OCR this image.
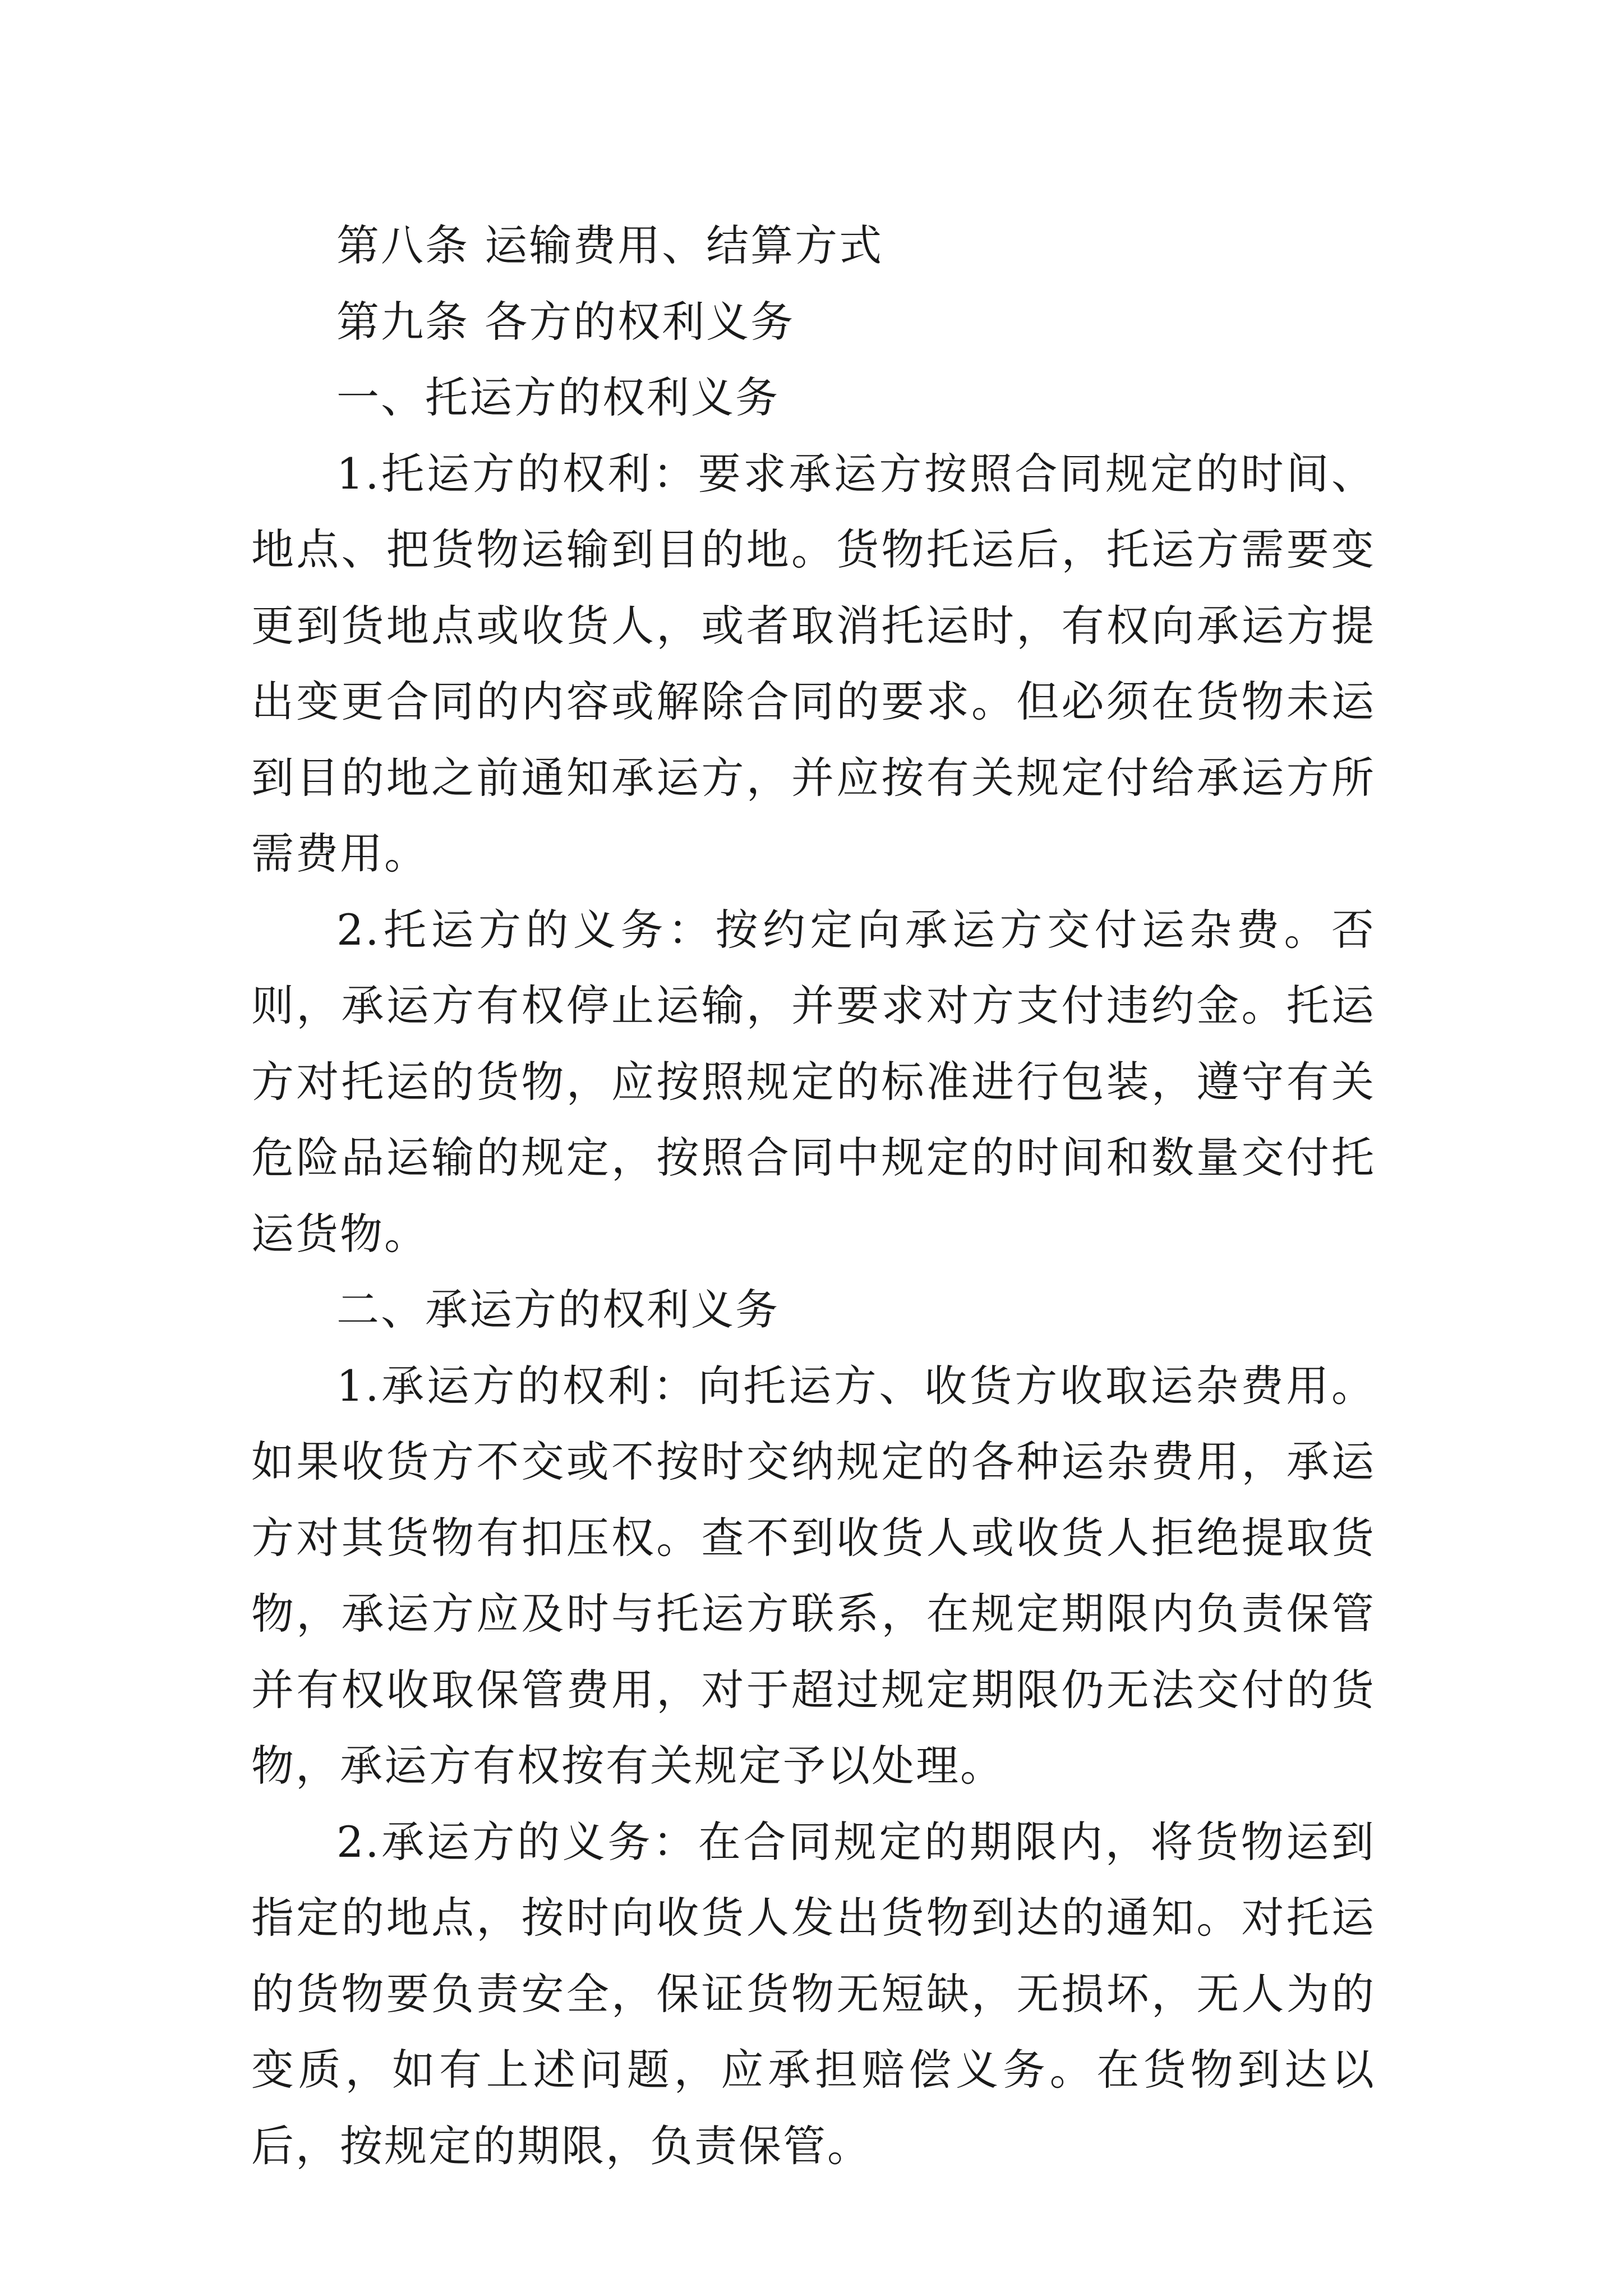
第八条 运输费用、结算方式

第九条 各方的权利义务

一、托运方的权利义务

1.托运方的权利：要求承运方按照合同规定的时间、地点、把货物运输到目的地。货物托运后，托运方需要变更到货地点或收货人，或者取消托运时，有权向承运方提出变更合同的内容或解除合同的要求。但必须在货物未运到目的地之前通知承运方，并应按有关规定付给承运方所需费用。

2.托运方的义务：按约定向承运方交付运杂费。否则，承运方有权停止运输，并要求对方支付违约金。托运方对托运的货物，应按照规定的标准进行包装，遵守有关危险品运输的规定，按照合同中规定的时间和数量交付托运货物。

二、承运方的权利义务

1.承运方的权利：向托运方、收货方收取运杂费用。如果收货方不交或不按时交纳规定的各种运杂费用，承运方对其货物有扣压权。查不到收货人或收货人拒绝提取货物，承运方应及时与托运方联系，在规定期限内负责保管并有权收取保管费用，对于超过规定期限仍无法交付的货物，承运方有权按有关规定予以处理。

2.承运方的义务：在合同规定的期限内，将货物运到指定的地点，按时向收货人发出货物到达的通知。对托运的货物要负责安全，保证货物无短缺，无损坏，无人为的变质，如有上述问题，应承担赔偿义务。在货物到达以后，按规定的期限，负责保管。
